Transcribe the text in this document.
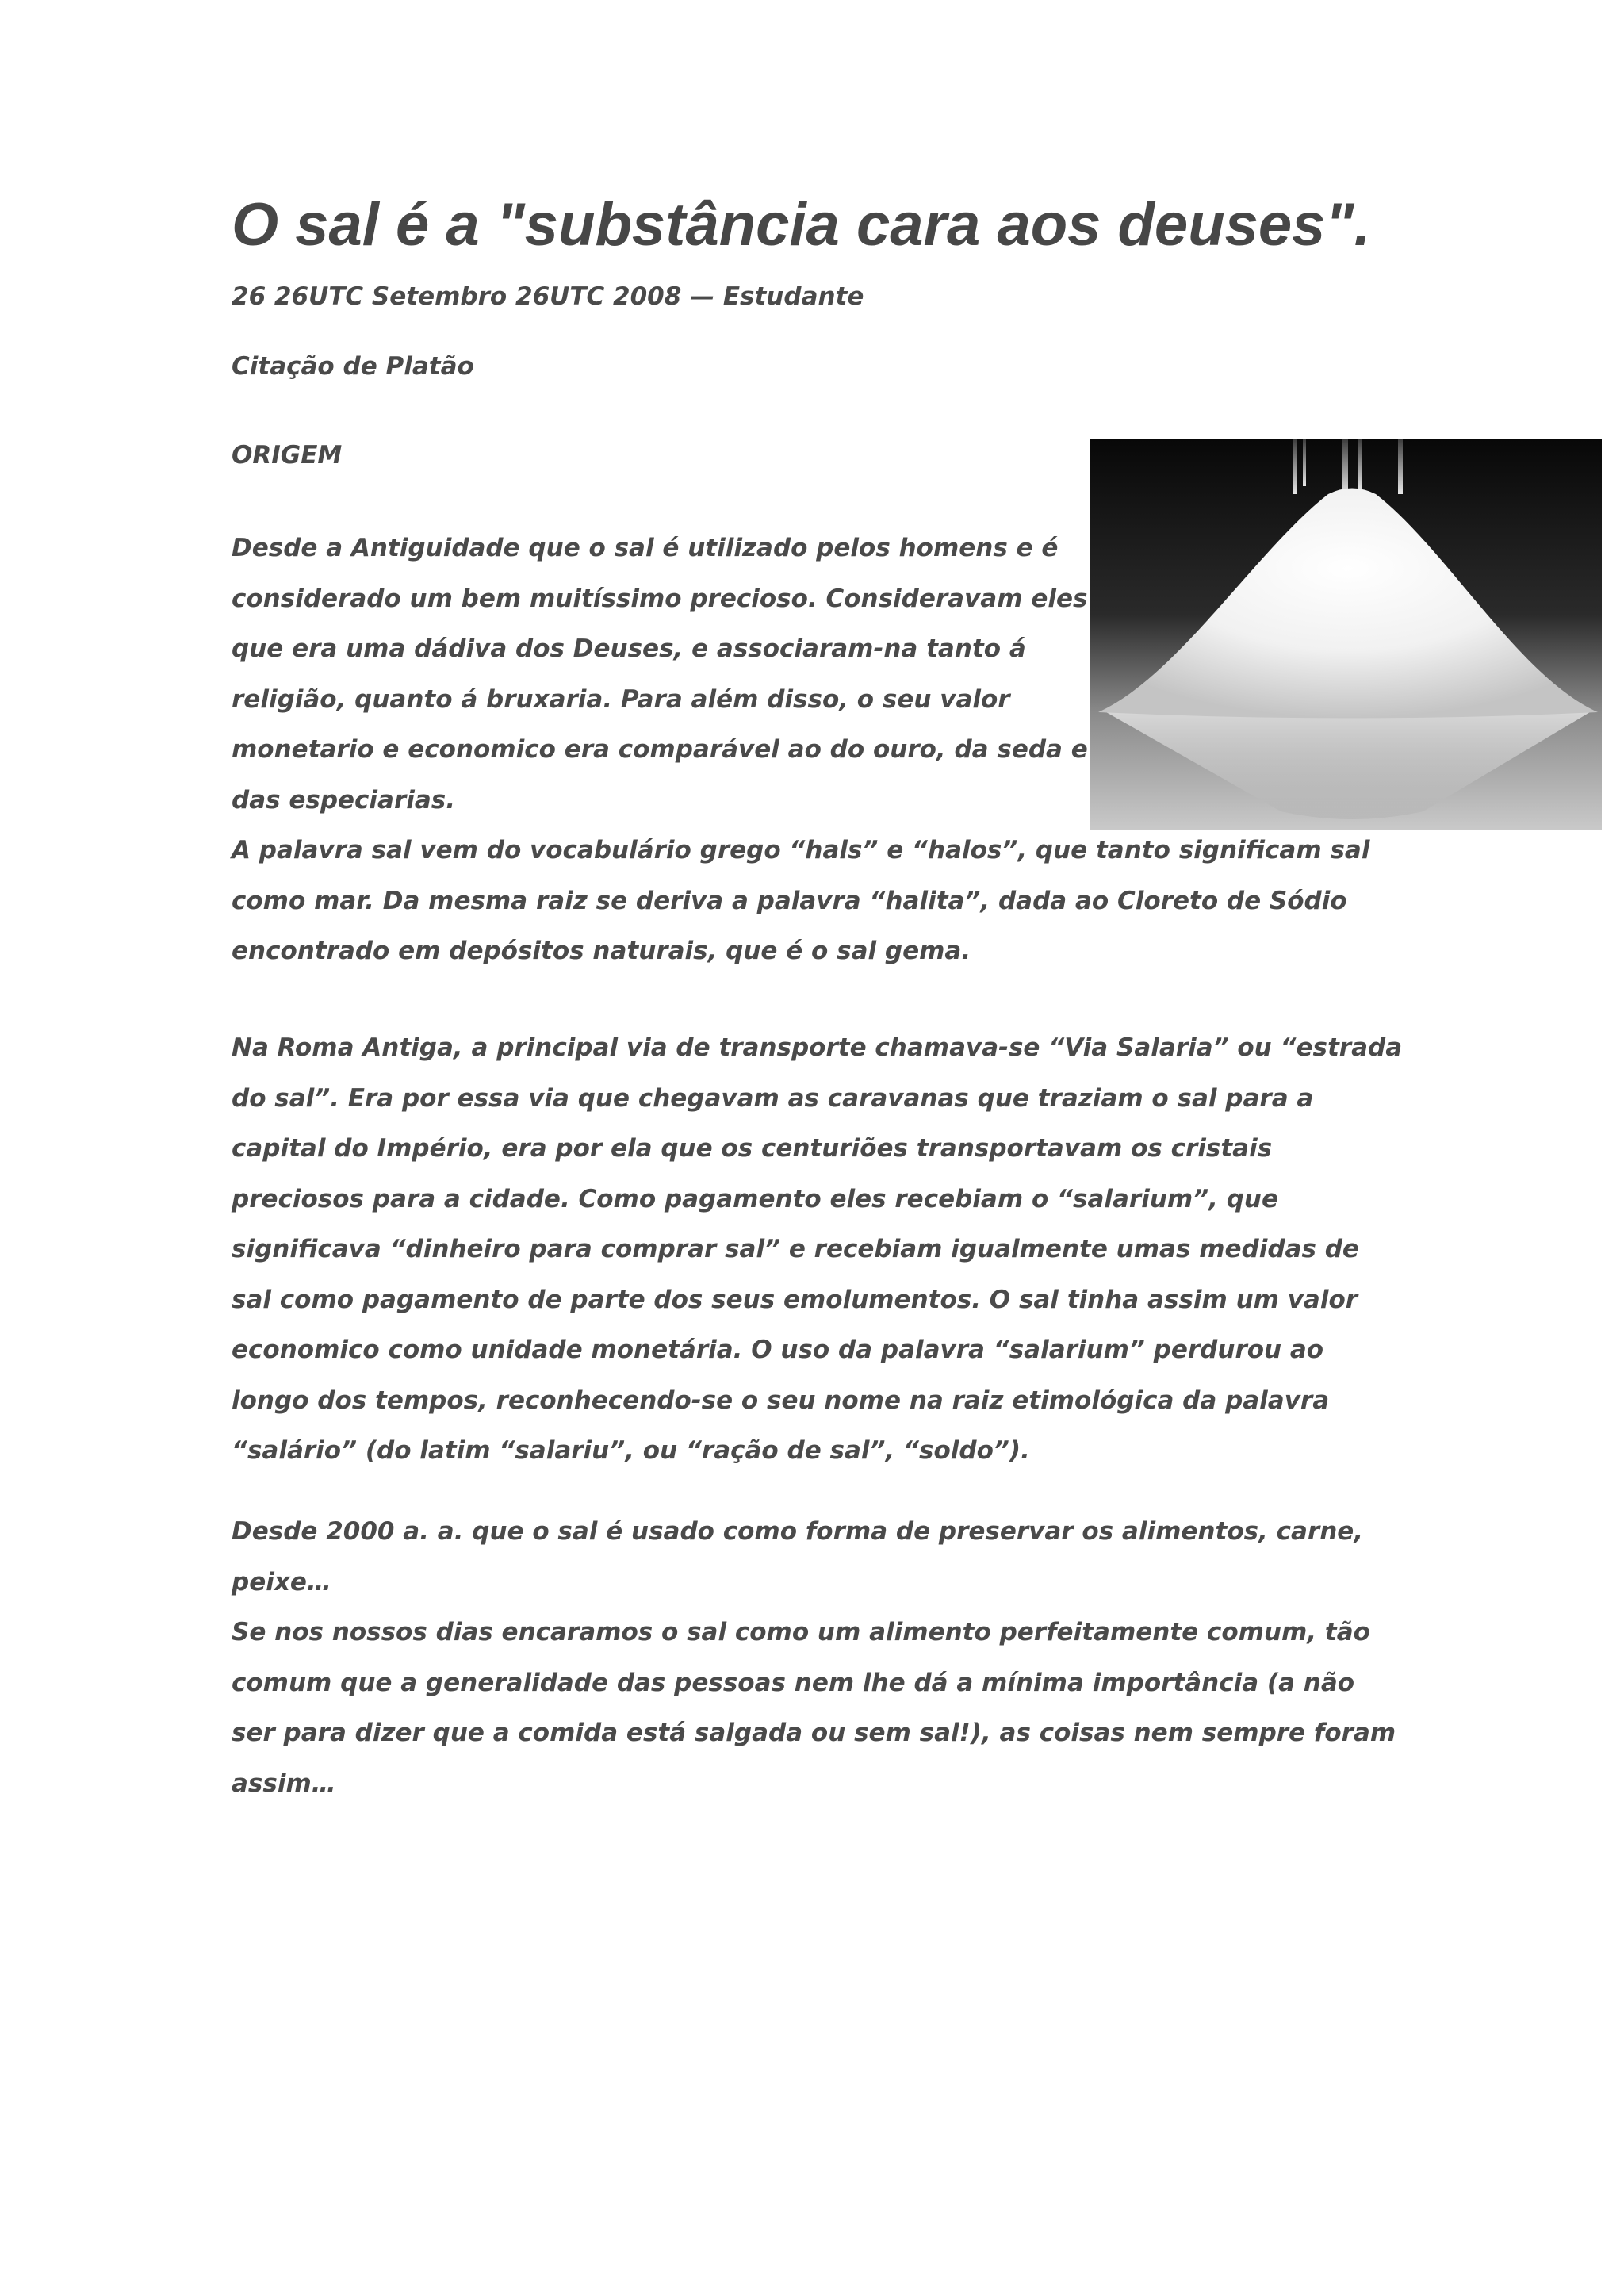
O sal é a "substância cara aos deuses".
26 26UTC Setembro 26UTC 2008 — Estudante
Citação de Platão
ORIGEM
Desde a Antiguidade que o sal é utilizado pelos homens e é
considerado um bem muitíssimo precioso. Consideravam eles
que era uma dádiva dos Deuses, e associaram-na tanto á
religião, quanto á bruxaria. Para além disso, o seu valor
monetario e economico era comparável ao do ouro, da seda e
das especiarias.
A palavra sal vem do vocabulário grego “hals” e “halos”, que tanto significam sal
como mar. Da mesma raiz se deriva a palavra “halita”, dada ao Cloreto de Sódio
encontrado em depósitos naturais, que é o sal gema.
Na Roma Antiga, a principal via de transporte chamava-se “Via Salaria” ou “estrada
do sal”. Era por essa via que chegavam as caravanas que traziam o sal para a
capital do Império, era por ela que os centuriões transportavam os cristais
preciosos para a cidade. Como pagamento eles recebiam o “salarium”, que
significava “dinheiro para comprar sal” e recebiam igualmente umas medidas de
sal como pagamento de parte dos seus emolumentos. O sal tinha assim um valor
economico como unidade monetária. O uso da palavra “salarium” perdurou ao
longo dos tempos, reconhecendo-se o seu nome na raiz etimológica da palavra
“salário” (do latim “salariu”, ou “ração de sal”, “soldo”).
Desde 2000 a. a. que o sal é usado como forma de preservar os alimentos, carne,
peixe…
Se nos nossos dias encaramos o sal como um alimento perfeitamente comum, tão
comum que a generalidade das pessoas nem lhe dá a mínima importância (a não
ser para dizer que a comida está salgada ou sem sal!), as coisas nem sempre foram
assim…
